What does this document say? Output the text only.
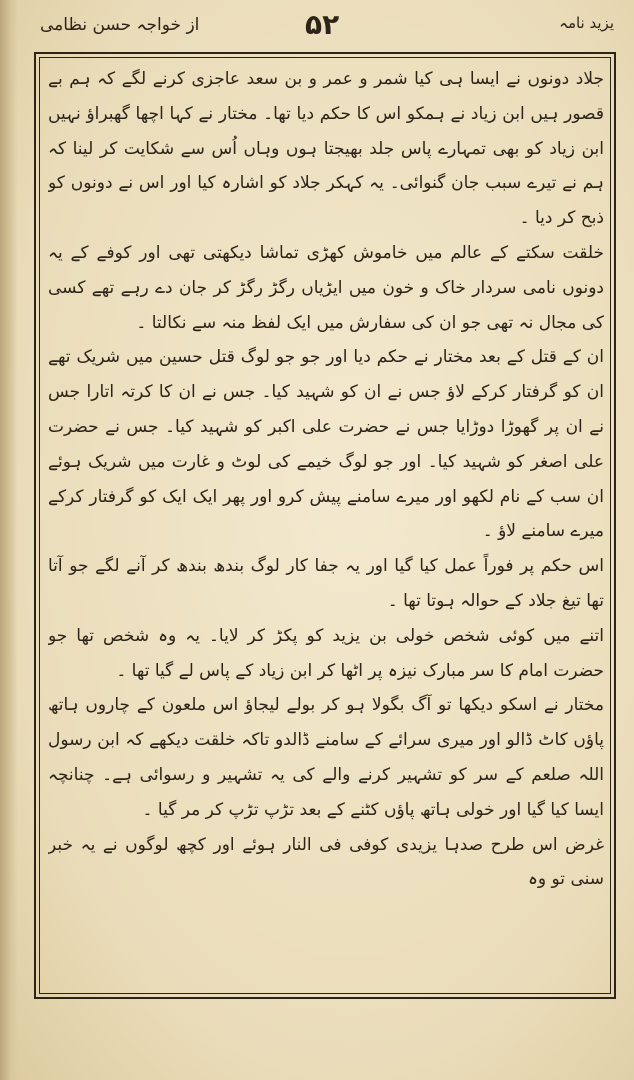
یزید نامہ
۵۲
از خواجہ حسن نظامی

جلاد دونوں نے ایسا ہی کیا شمر و عمر و بن سعد عاجزی کرنے لگے کہ ہم بے قصور ہیں ابن زیاد نے ہمکو اس کا حکم دیا تھا۔ مختار نے کہا اچھا گھبراؤ نہیں ابن زیاد کو بھی تمہارے پاس جلد بھیجتا ہوں وہاں اُس سے شکایت کر لینا کہ ہم نے تیرے سبب جان گنوائی۔ یہ کہکر جلاد کو اشارہ کیا اور اس نے دونوں کو ذبح کر دیا ۔

خلقت سکتے کے عالم میں خاموش کھڑی تماشا دیکھتی تھی اور کوفے کے یہ دونوں نامی سردار خاک و خون میں ایڑیاں رگڑ رگڑ کر جان دے رہے تھے کسی کی مجال نہ تھی جو ان کی سفارش میں ایک لفظ منہ سے نکالتا ۔

ان کے قتل کے بعد مختار نے حکم دیا اور جو جو لوگ قتل حسین میں شریک تھے ان کو گرفتار کرکے لاؤ جس نے ان کو شہید کیا۔ جس نے ان کا کرتہ اتارا جس نے ان پر گھوڑا دوڑایا جس نے حضرت علی اکبر کو شہید کیا۔ جس نے حضرت علی اصغر کو شہید کیا۔ اور جو لوگ خیمے کی لوٹ و غارت میں شریک ہوئے ان سب کے نام لکھو اور میرے سامنے پیش کرو اور پھر ایک ایک کو گرفتار کرکے میرے سامنے لاؤ ۔

اس حکم پر فوراً عمل کیا گیا اور یہ جفا کار لوگ بندھ بندھ کر آنے لگے جو آتا تھا تیغ جلاد کے حوالہ ہوتا تھا ۔

اتنے میں کوئی شخص خولی بن یزید کو پکڑ کر لایا۔ یہ وہ شخص تھا جو حضرت امام کا سر مبارک نیزہ پر اٹھا کر ابن زیاد کے پاس لے گیا تھا ۔

مختار نے اسکو دیکھا تو آگ بگولا ہو کر بولے لیجاؤ اس ملعون کے چاروں ہاتھ پاؤں کاٹ ڈالو اور میری سرائے کے سامنے ڈالدو تاکہ خلقت دیکھے کہ ابن رسول اللہ صلعم کے سر کو تشہیر کرنے والے کی یہ تشہیر و رسوائی ہے۔ چنانچہ ایسا کیا گیا اور خولی ہاتھ پاؤں کٹنے کے بعد تڑپ تڑپ کر مر گیا ۔

غرض اس طرح صدہا یزیدی کوفی فی النار ہوئے اور کچھ لوگوں نے یہ خبر سنی تو وہ
